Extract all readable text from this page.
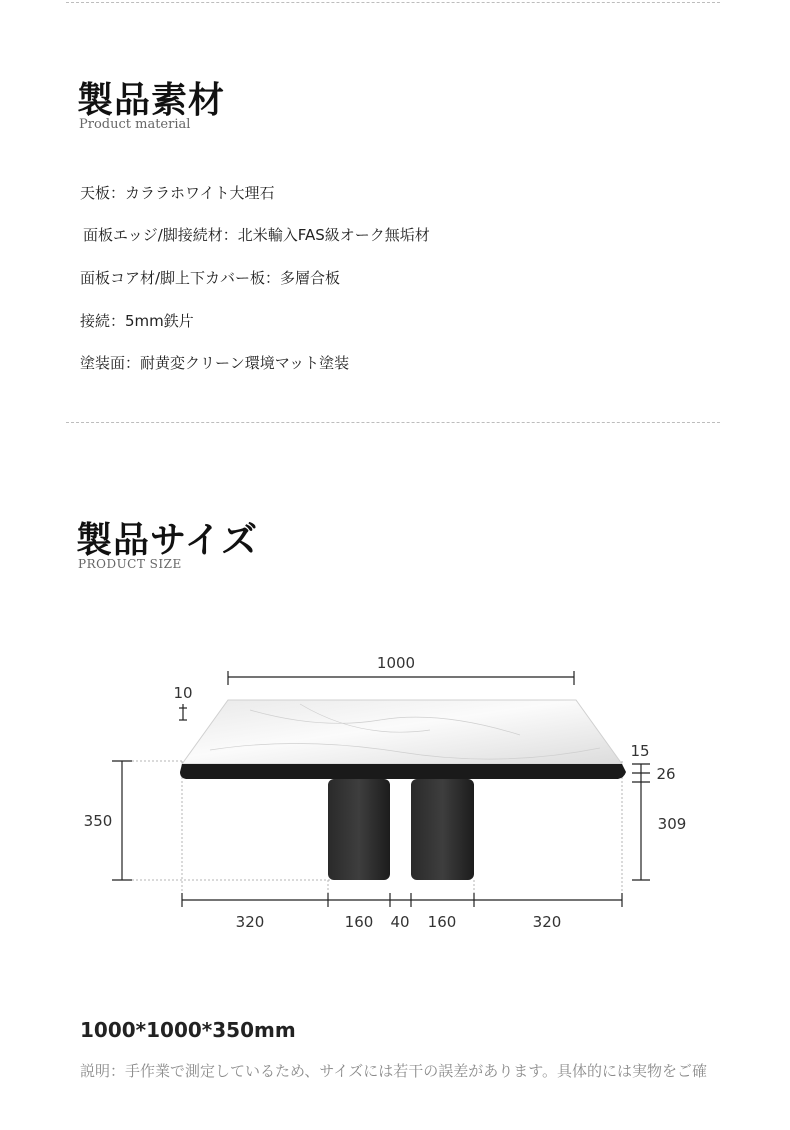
製品素材
Product material
天板：カララホワイト大理石
面板エッジ/脚接続材：北米輸入FAS級オーク無垢材
面板コア材/脚上下カバー板：多層合板
接続：5mm鉄片
塗装面：耐黄変クリーン環境マット塗装
製品サイズ
PRODUCT SIZE
1000
10
350
15
26
309
320	160 40 160	320
1000*1000*350mm
説明：手作業で測定しているため、サイズには若干の誤差があります。具体的には実物をご確
